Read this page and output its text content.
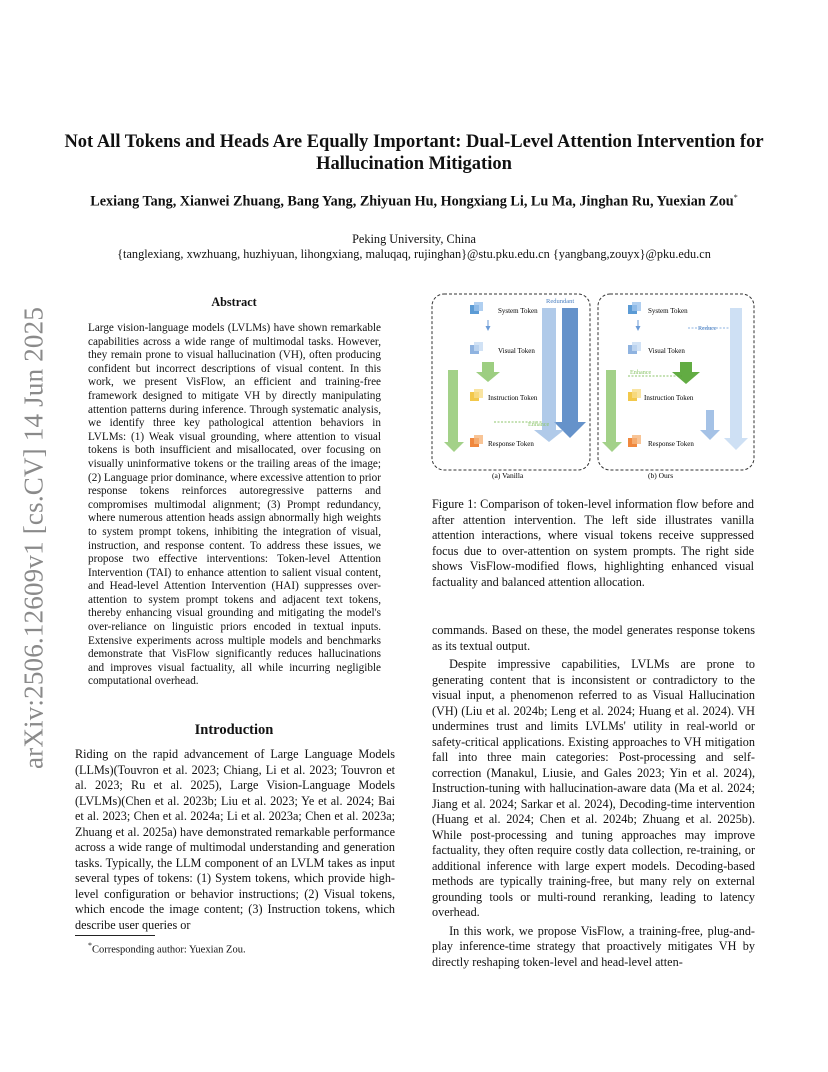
Not All Tokens and Heads Are Equally Important: Dual-Level Attention Intervention for Hallucination Mitigation
Lexiang Tang, Xianwei Zhuang, Bang Yang, Zhiyuan Hu, Hongxiang Li, Lu Ma, Jinghan Ru, Yuexian Zou*
Peking University, China
{tanglexiang, xwzhuang, huzhiyuan, lihongxiang, maluqaq, rujinghan}@stu.pku.edu.cn {yangbang,zouyx}@pku.edu.cn
arXiv:2506.12609v1 [cs.CV] 14 Jun 2025
Abstract
Large vision-language models (LVLMs) have shown remarkable capabilities across a wide range of multimodal tasks. However, they remain prone to visual hallucination (VH), often producing confident but incorrect descriptions of visual content. In this work, we present VisFlow, an efficient and training-free framework designed to mitigate VH by directly manipulating attention patterns during inference. Through systematic analysis, we identify three key pathological attention behaviors in LVLMs: (1) Weak visual grounding, where attention to visual tokens is both insufficient and misallocated, over focusing on visually uninformative tokens or the trailing areas of the image; (2) Language prior dominance, where excessive attention to prior response tokens reinforces autoregressive patterns and compromises multimodal alignment; (3) Prompt redundancy, where numerous attention heads assign abnormally high weights to system prompt tokens, inhibiting the integration of visual, instruction, and response content. To address these issues, we propose two effective interventions: Token-level Attention Intervention (TAI) to enhance attention to salient visual content, and Head-level Attention Intervention (HAI) suppresses over-attention to system prompt tokens and adjacent text tokens, thereby enhancing visual grounding and mitigating the model's over-reliance on linguistic priors encoded in textual inputs. Extensive experiments across multiple models and benchmarks demonstrate that VisFlow significantly reduces hallucinations and improves visual factuality, all while incurring negligible computational overhead.
Introduction
Riding on the rapid advancement of Large Language Models (LLMs)(Touvron et al. 2023; Chiang, Li et al. 2023; Touvron et al. 2023; Ru et al. 2025), Large Vision-Language Models (LVLMs)(Chen et al. 2023b; Liu et al. 2023; Ye et al. 2024; Bai et al. 2023; Chen et al. 2024a; Li et al. 2023a; Chen et al. 2023a; Zhuang et al. 2025a) have demonstrated remarkable performance across a wide range of multimodal understanding and generation tasks. Typically, the LLM component of an LVLM takes as input several types of tokens: (1) System tokens, which provide high-level configuration or behavior instructions; (2) Visual tokens, which encode the image content; (3) Instruction tokens, which describe user queries or
*Corresponding author: Yuexian Zou.
Redundant
System Token
Visual Token
Instruction Token
Enhance
Response Token
(a) Vanilla
System Token
Reduce
Visual Token
Enhance
Instruction Token
Response Token
(b) Ours
Figure 1: Comparison of token-level information flow before and after attention intervention. The left side illustrates vanilla attention interactions, where visual tokens receive suppressed focus due to over-attention on system prompts. The right side shows VisFlow-modified flows, highlighting enhanced visual factuality and balanced attention allocation.

commands. Based on these, the model generates response tokens as its textual output.

Despite impressive capabilities, LVLMs are prone to generating content that is inconsistent or contradictory to the visual input, a phenomenon referred to as Visual Hallucination (VH) (Liu et al. 2024b; Leng et al. 2024; Huang et al. 2024). VH undermines trust and limits LVLMs' utility in real-world or safety-critical applications. Existing approaches to VH mitigation fall into three main categories: Post-processing and self-correction (Manakul, Liusie, and Gales 2023; Yin et al. 2024), Instruction-tuning with hallucination-aware data (Ma et al. 2024; Jiang et al. 2024; Sarkar et al. 2024), Decoding-time intervention (Huang et al. 2024; Chen et al. 2024b; Zhuang et al. 2025b). While post-processing and tuning approaches may improve factuality, they often require costly data collection, re-training, or additional inference with large expert models. Decoding-based methods are typically training-free, but many rely on external grounding tools or multi-round reranking, leading to latency overhead.

In this work, we propose VisFlow, a training-free, plug-and-play inference-time strategy that proactively mitigates VH by directly reshaping token-level and head-level atten-
